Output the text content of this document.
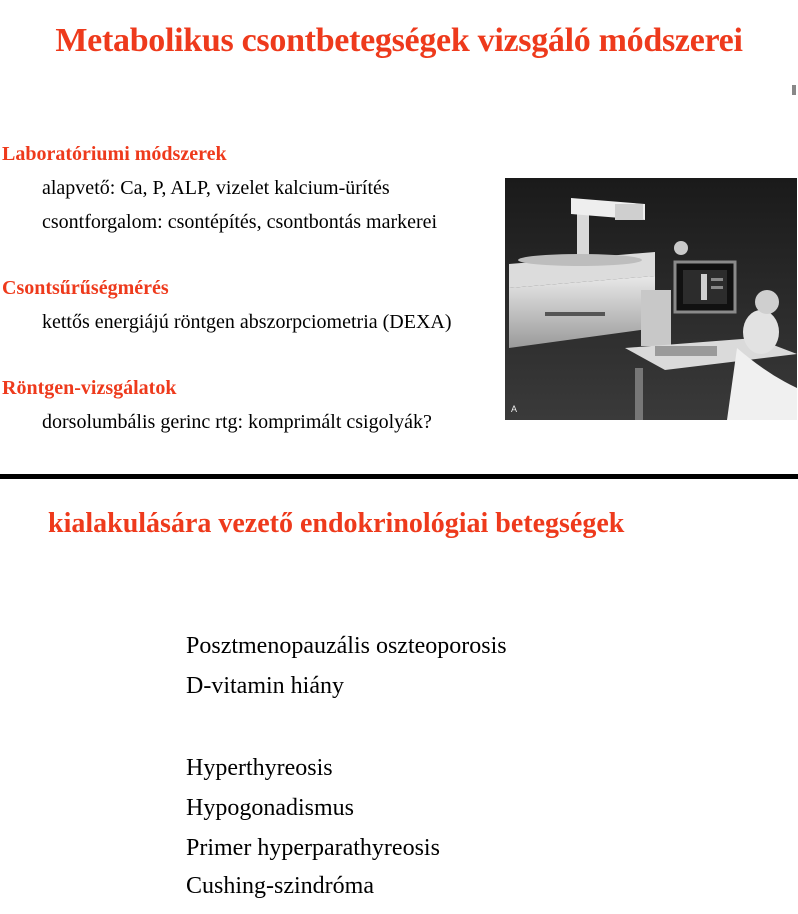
Metabolikus csontbetegségek vizsgáló módszerei
Laboratóriumi módszerek
alapvető: Ca, P, ALP, vizelet kalcium-ürítés
csontforgalom: csontépítés, csontbontás markerei
Csontsűrűségmérés
kettős energiájú röntgen abszorpciometria (DEXA)
Röntgen-vizsgálatok
dorsolumbális gerinc rtg: komprimált csigolyák?
A
kialakulására vezető endokrinológiai betegségek
Posztmenopauzális oszteoporosis
D-vitamin hiány
Hyperthyreosis
Hypogonadismus
Primer hyperparathyreosis
Cushing-szindróma
